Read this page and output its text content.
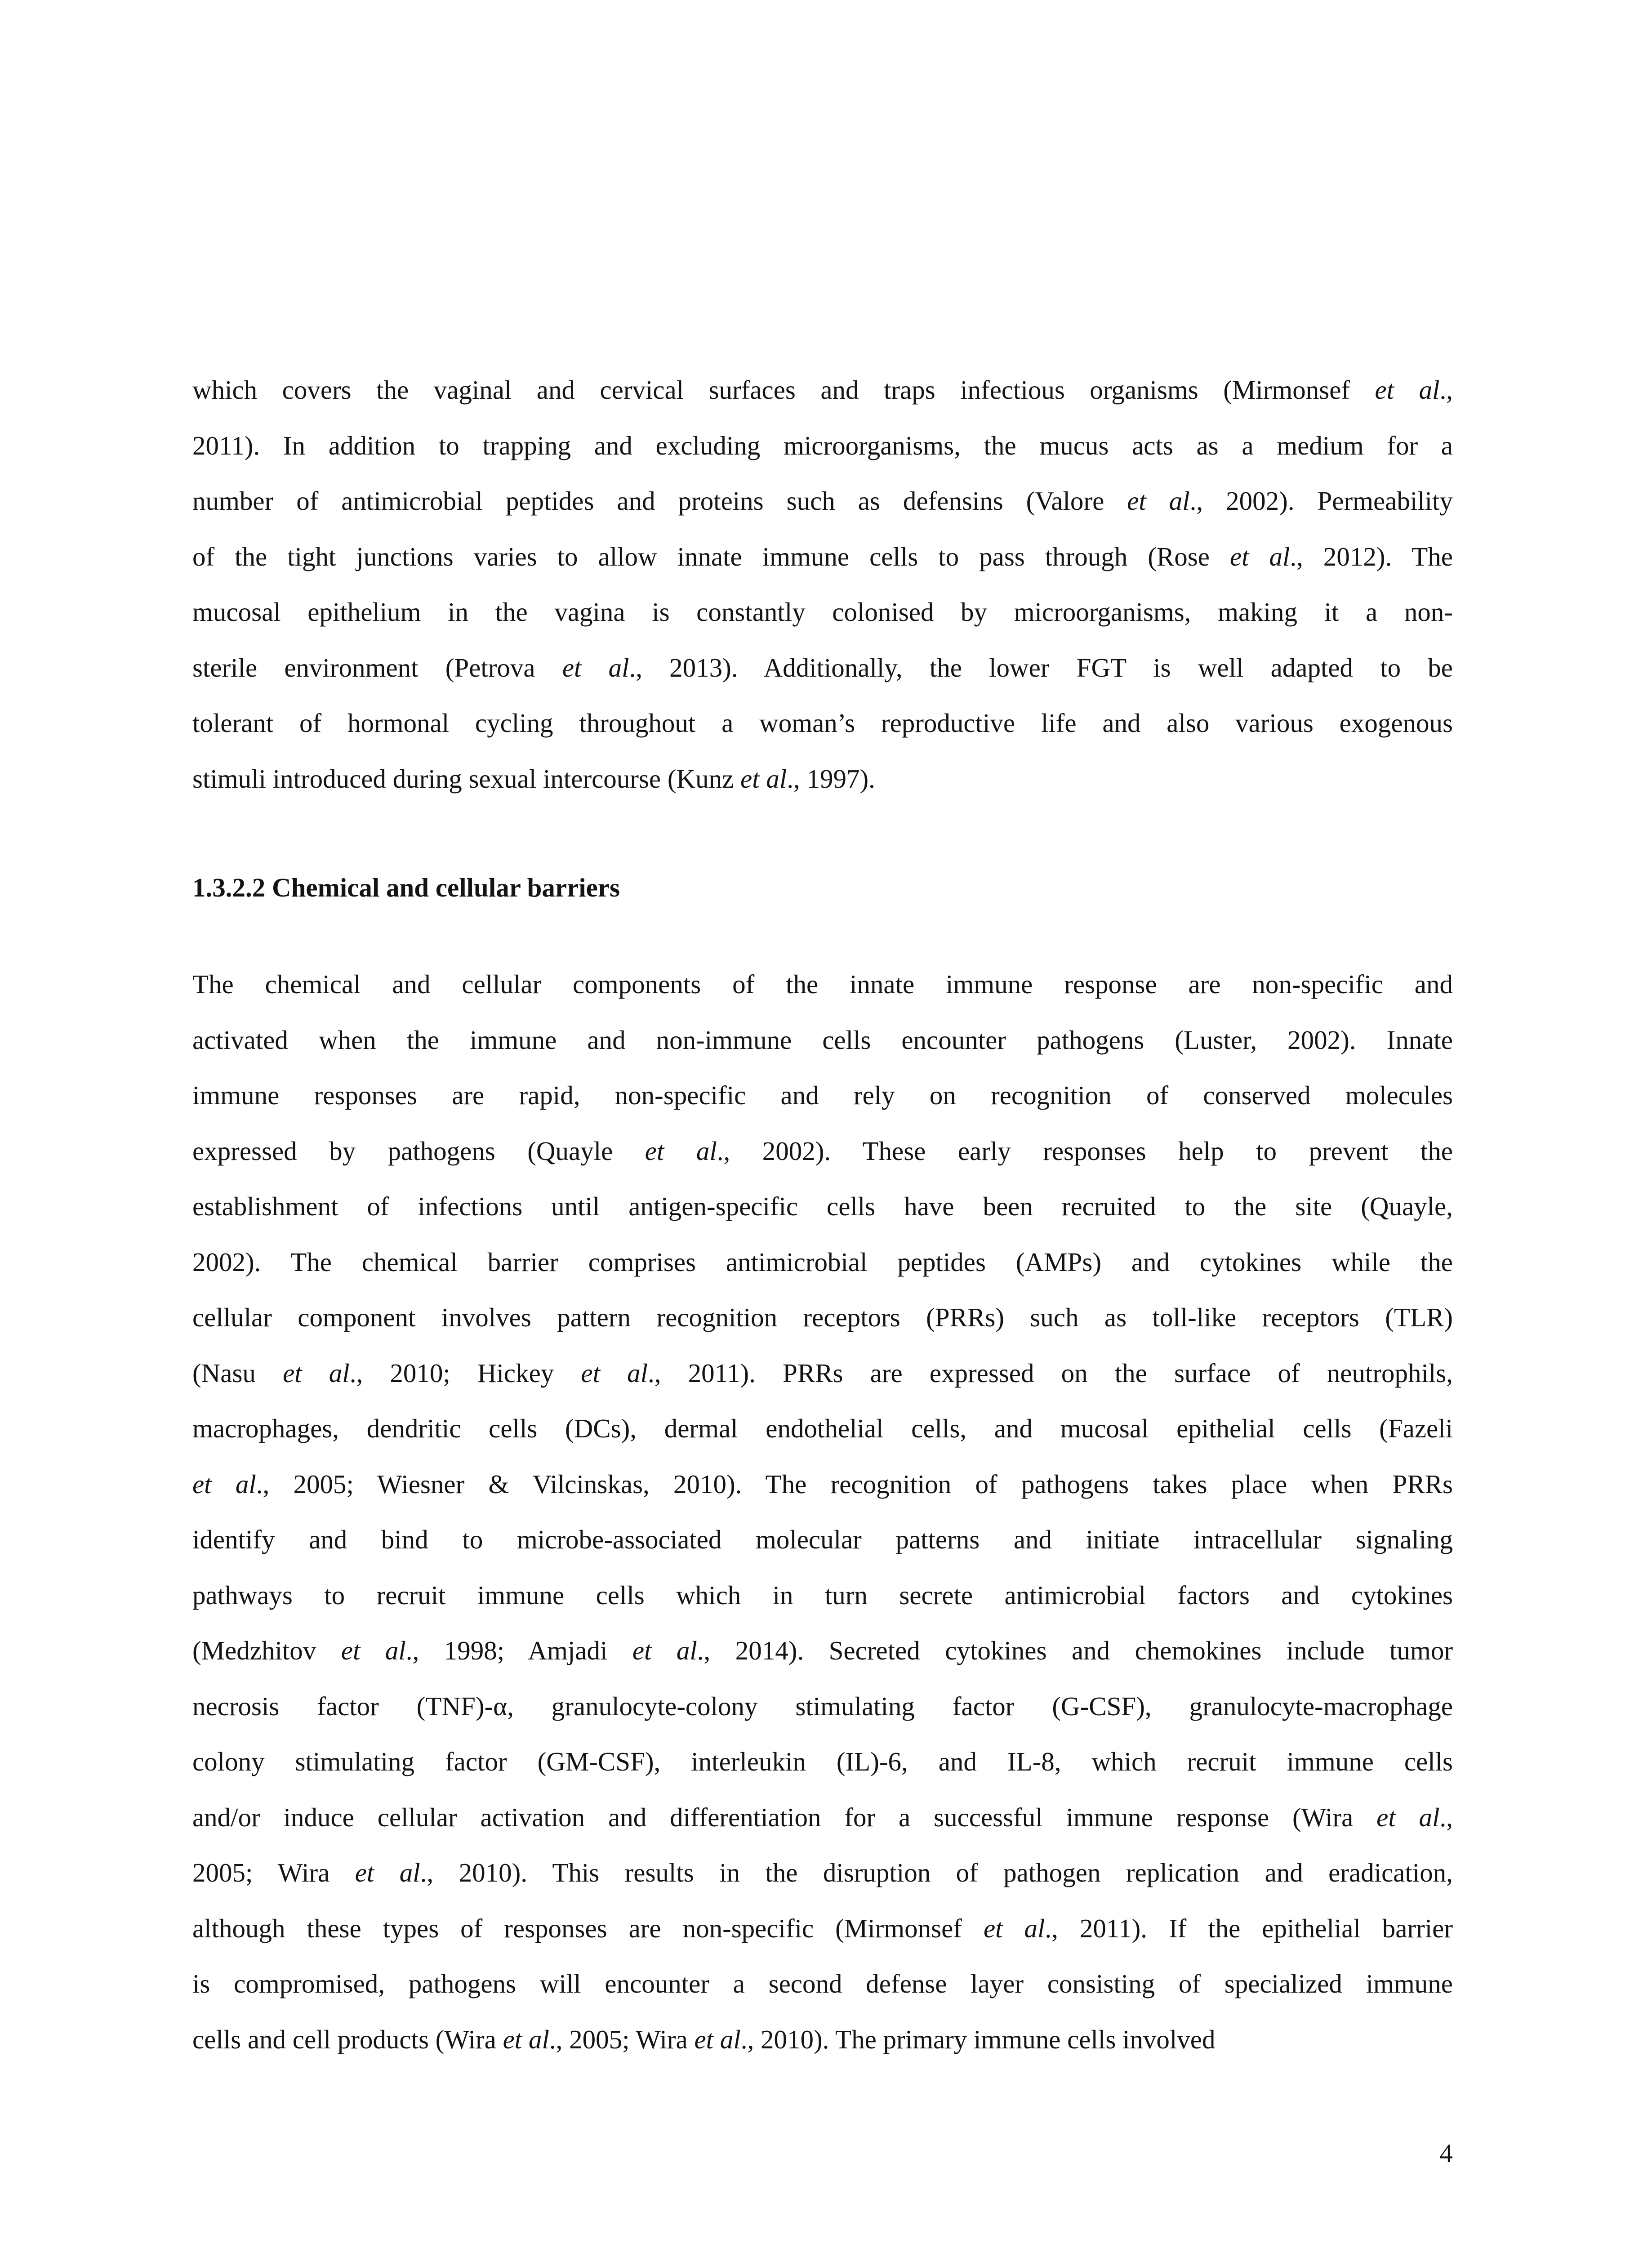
which covers the vaginal and cervical surfaces and traps infectious organisms (Mirmonsef et al.,
2011). In addition to trapping and excluding microorganisms, the mucus acts as a medium for a
number of antimicrobial peptides and proteins such as defensins (Valore et al., 2002). Permeability
of the tight junctions varies to allow innate immune cells to pass through (Rose et al., 2012). The
mucosal epithelium in the vagina is constantly colonised by microorganisms, making it a non-
sterile environment (Petrova et al., 2013). Additionally, the lower FGT is well adapted to be
tolerant of hormonal cycling throughout a woman’s reproductive life and also various exogenous
stimuli introduced during sexual intercourse (Kunz et al., 1997).
1.3.2.2 Chemical and cellular barriers
The chemical and cellular components of the innate immune response are non-specific and
activated when the immune and non-immune cells encounter pathogens (Luster, 2002). Innate
immune responses are rapid, non-specific and rely on recognition of conserved molecules
expressed by pathogens (Quayle et al., 2002). These early responses help to prevent the
establishment of infections until antigen-specific cells have been recruited to the site (Quayle,
2002). The chemical barrier comprises antimicrobial peptides (AMPs) and cytokines while the
cellular component involves pattern recognition receptors (PRRs) such as toll-like receptors (TLR)
(Nasu et al., 2010; Hickey et al., 2011). PRRs are expressed on the surface of neutrophils,
macrophages, dendritic cells (DCs), dermal endothelial cells, and mucosal epithelial cells (Fazeli
et al., 2005; Wiesner & Vilcinskas, 2010). The recognition of pathogens takes place when PRRs
identify and bind to microbe-associated molecular patterns and initiate intracellular signaling
pathways to recruit immune cells which in turn secrete antimicrobial factors and cytokines
(Medzhitov et al., 1998; Amjadi et al., 2014). Secreted cytokines and chemokines include tumor
necrosis factor (TNF)-α, granulocyte-colony stimulating factor (G-CSF), granulocyte-macrophage
colony stimulating factor (GM-CSF), interleukin (IL)-6, and IL-8, which recruit immune cells
and/or induce cellular activation and differentiation for a successful immune response (Wira et al.,
2005; Wira et al., 2010). This results in the disruption of pathogen replication and eradication,
although these types of responses are non-specific (Mirmonsef et al., 2011). If the epithelial barrier
is compromised, pathogens will encounter a second defense layer consisting of specialized immune
cells and cell products (Wira et al., 2005; Wira et al., 2010). The primary immune cells involved
4
